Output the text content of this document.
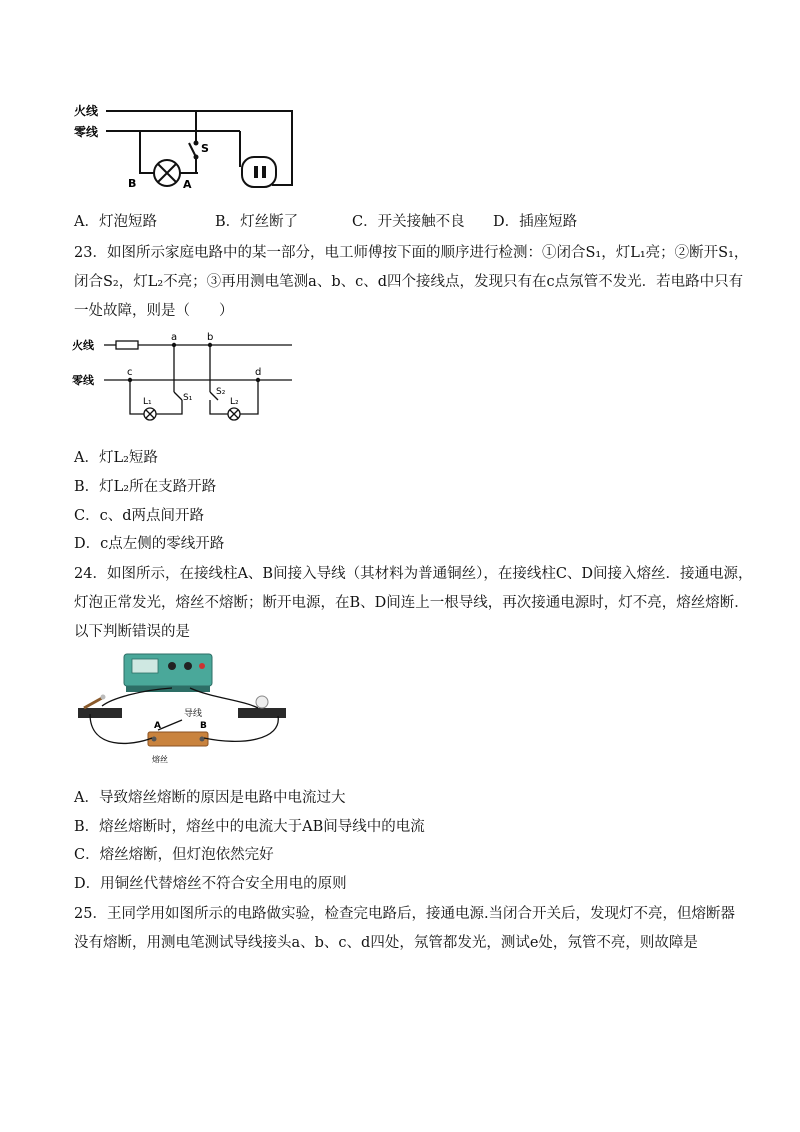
火线
零线
S
B	A
A．灯泡短路	B．灯丝断了	C．开关接触不良 D．插座短路
23．如图所示家庭电路中的某一部分，电工师傅按下面的顺序进行检测：①闭合S₁，灯L₁亮；②断开S₁，
闭合S₂，灯L₂不亮；③再用测电笔测a、b、c、d四个接线点，发现只有在c点氖管不发光．若电路中只有
一处故障，则是（　　）
火线
零线
a	b
c	d
L₁	S₁
S₂
L₂
A．灯L₂短路
B．灯L₂所在支路开路
C．c、d两点间开路
D．c点左侧的零线开路
24．如图所示，在接线柱A、B间接入导线（其材料为普通铜丝），在接线柱C、D间接入熔丝．接通电源，
灯泡正常发光，熔丝不熔断；断开电源，在B、D间连上一根导线，再次接通电源时，灯不亮，熔丝熔断．
以下判断错误的是
导线
A	B
熔丝
A．导致熔丝熔断的原因是电路中电流过大
B．熔丝熔断时，熔丝中的电流大于AB间导线中的电流
C．熔丝熔断，但灯泡依然完好
D．用铜丝代替熔丝不符合安全用电的原则
25．王同学用如图所示的电路做实验，检查完电路后，接通电源.当闭合开关后，发现灯不亮，但熔断器
没有熔断，用测电笔测试导线接头a、b、c、d四处，氖管都发光，测试e处，氖管不亮，则故障是
